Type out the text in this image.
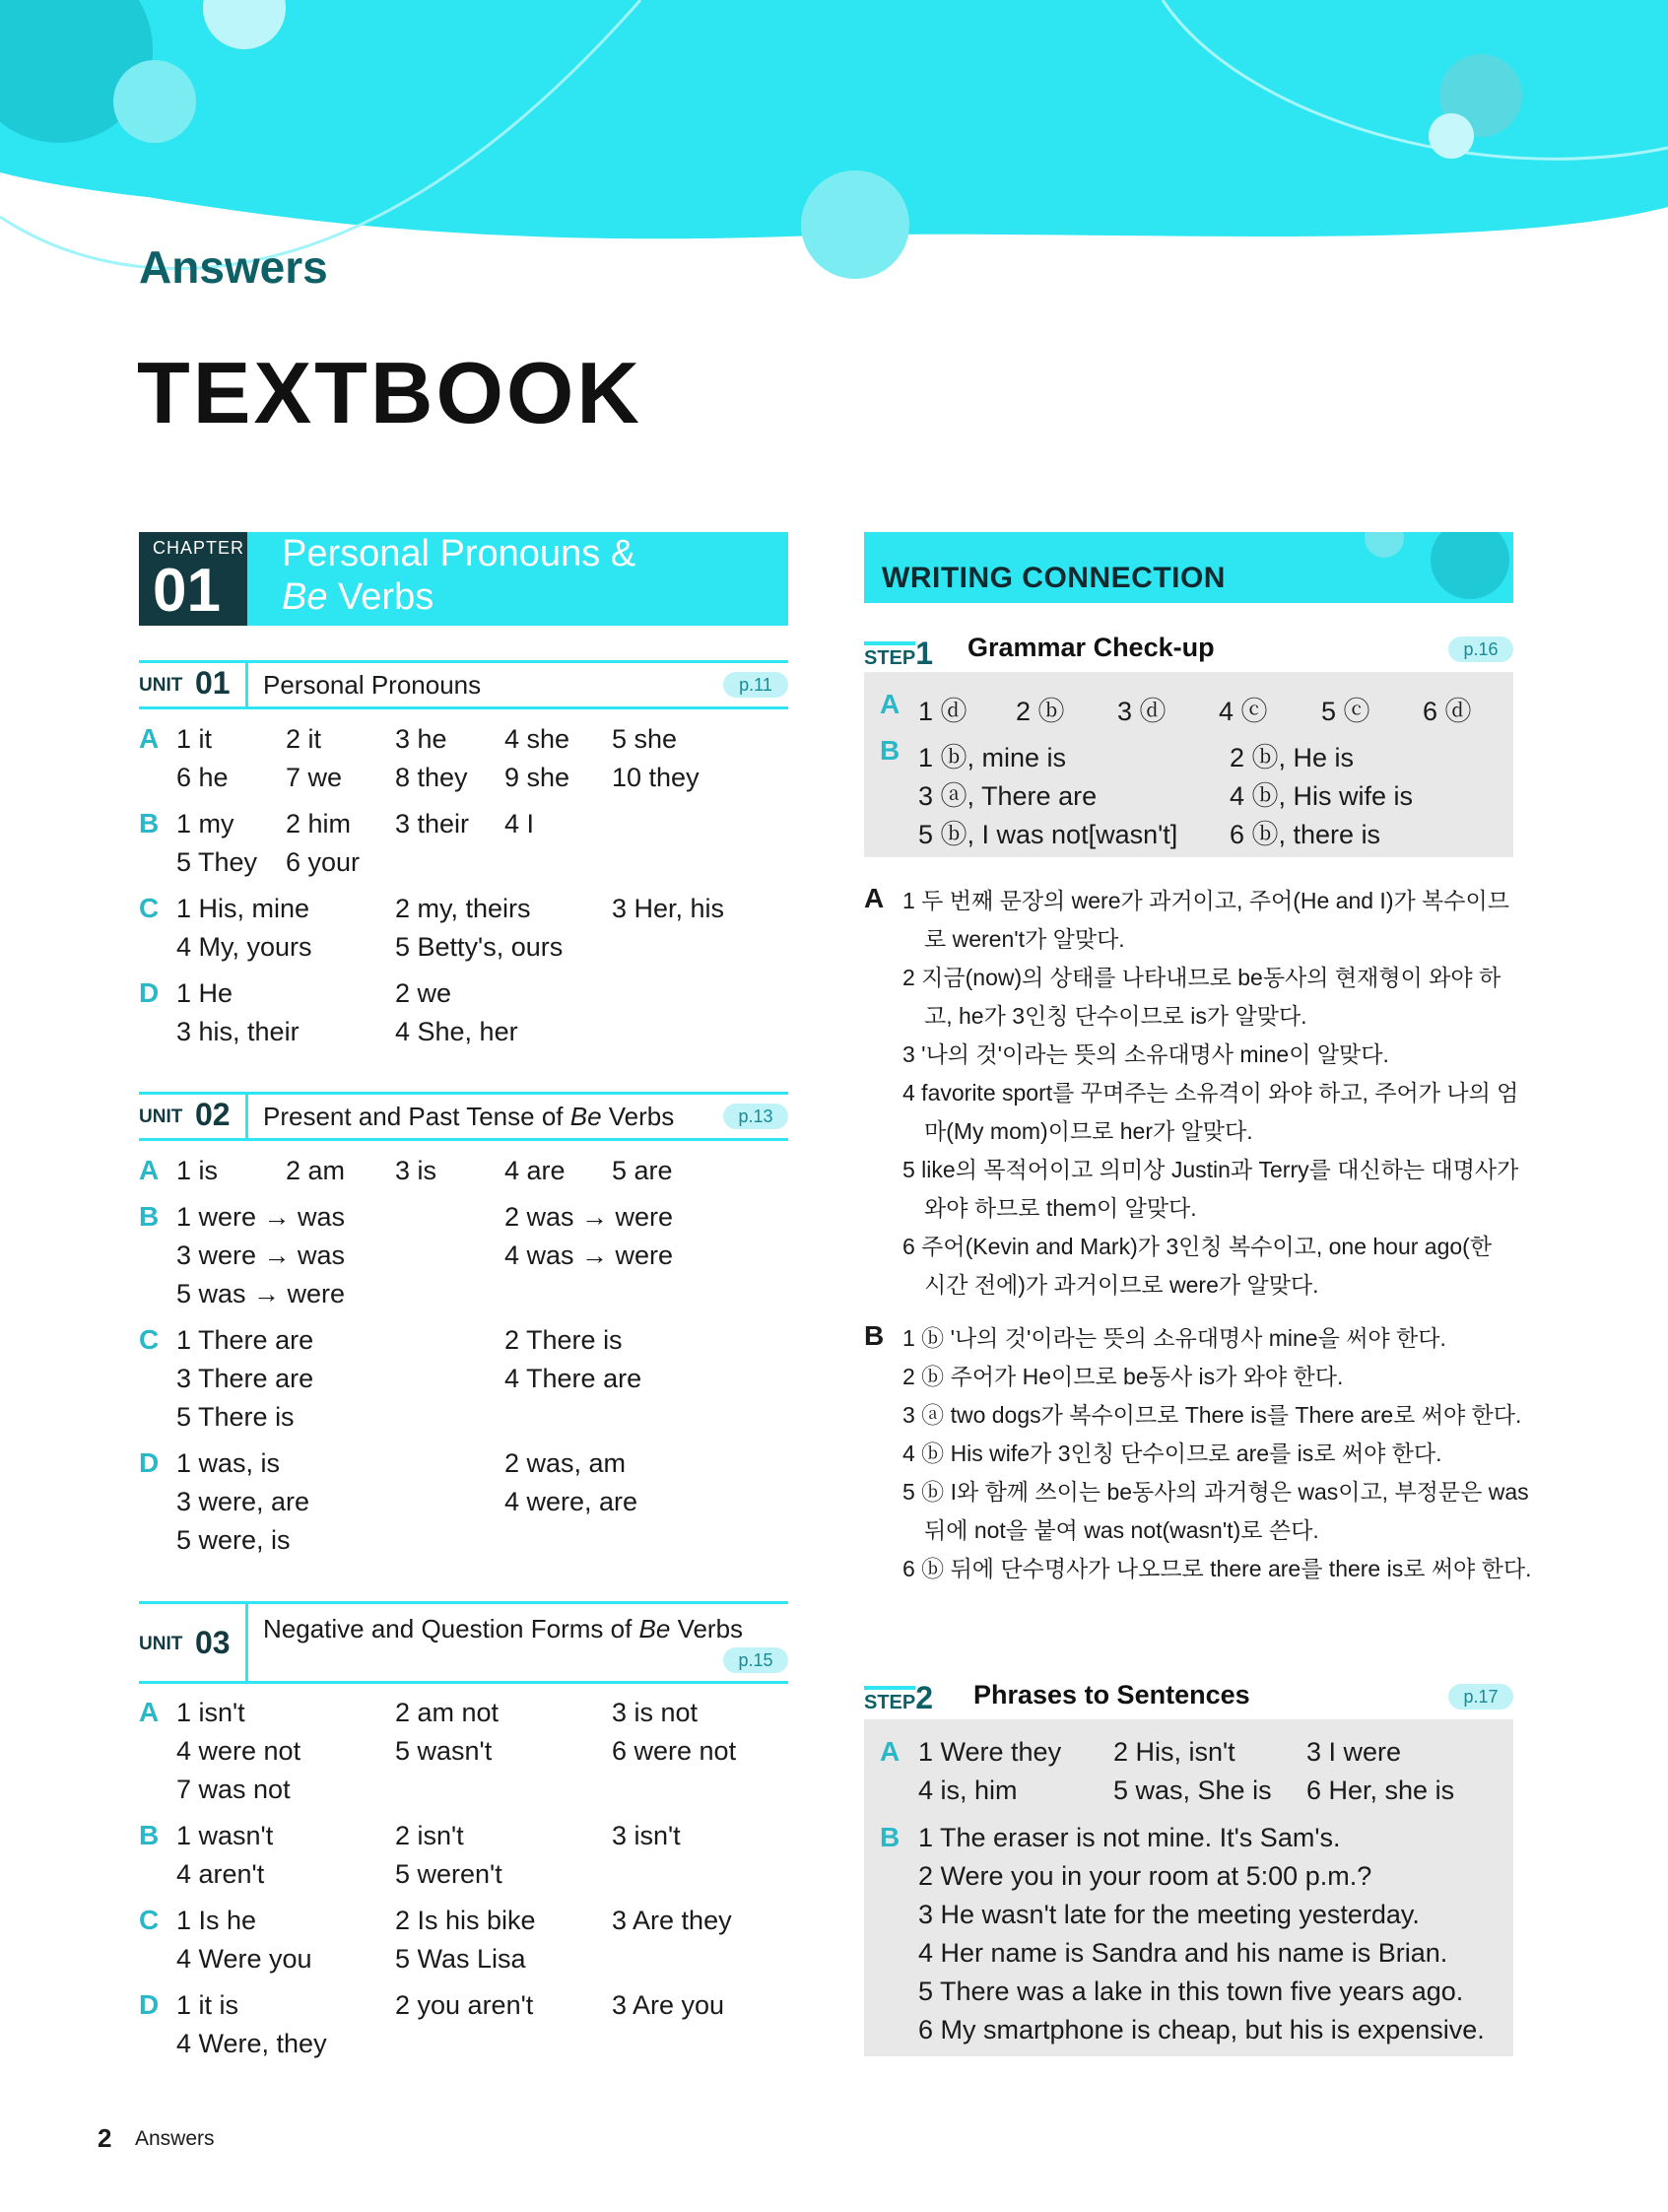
Answers
TEXTBOOK
CHAPTER
01
Personal Pronouns &
Be Verbs
UNIT 01 Personal Pronouns	p.11
A 1 it	2 it	3 he 4 she 5 she
6 he 7 we 8 they 9 she 10 they
B 1 my 2 him 3 their 4 I
5 They 6 your
C 1 His, mine	2 my, theirs	3 Her, his
4 My, yours	5 Betty's, ours
D 1 He	2 we
3 his, their	4 She, her
UNIT 02 Present and Past Tense of Be Verbs	p.13
A 1 is	2 am 3 is	4 are 5 are
B 1 were → was	2 was → were
3 were → was	4 was → were
5 was → were
C 1 There are	2 There is
3 There are	4 There are
5 There is
D 1 was, is	2 was, am
3 were, are	4 were, are
5 were, is
UNIT 03 Negative and Question Forms of Be Verbs
p.15
A 1 isn't	2 am not	3 is not
4 were not	5 wasn't	6 were not
7 was not
B 1 wasn't	2 isn't	3 isn't
4 aren't	5 weren't
C 1 Is he	2 Is his bike	3 Are they
4 Were you	5 Was Lisa
D 1 it is	2 you aren't	3 Are you
4 Were, they
WRITING CONNECTION
STEP1 Grammar Check-up	p.16
A 1 ⓓ 2 ⓑ 3 ⓓ 4 ⓒ 5 ⓒ 6 ⓓ
B 1 ⓑ, mine is	2 ⓑ, He is
3 ⓐ, There are	4 ⓑ, His wife is
5 ⓑ, I was not[wasn't] 6 ⓑ, there is
A 1 두 번째 문장의 were가 과거이고, 주어(He and I)가 복수이므
로 weren't가 알맞다.
2 지금(now)의 상태를 나타내므로 be동사의 현재형이 와야 하
고, he가 3인칭 단수이므로 is가 알맞다.
3 '나의 것'이라는 뜻의 소유대명사 mine이 알맞다.
4 favorite sport를 꾸며주는 소유격이 와야 하고, 주어가 나의 엄
마(My mom)이므로 her가 알맞다.
5 like의 목적어이고 의미상 Justin과 Terry를 대신하는 대명사가
와야 하므로 them이 알맞다.
6 주어(Kevin and Mark)가 3인칭 복수이고, one hour ago(한
시간 전에)가 과거이므로 were가 알맞다.
B 1 ⓑ '나의 것'이라는 뜻의 소유대명사 mine을 써야 한다.
2 ⓑ 주어가 He이므로 be동사 is가 와야 한다.
3 ⓐ two dogs가 복수이므로 There is를 There are로 써야 한다.
4 ⓑ His wife가 3인칭 단수이므로 are를 is로 써야 한다.
5 ⓑ I와 함께 쓰이는 be동사의 과거형은 was이고, 부정문은 was
뒤에 not을 붙여 was not(wasn't)로 쓴다.
6 ⓑ 뒤에 단수명사가 나오므로 there are를 there is로 써야 한다.
STEP2 Phrases to Sentences	p.17
A 1 Were they 2 His, isn't	3 I were
4 is, him	5 was, She is 6 Her, she is
B 1 The eraser is not mine. It's Sam's.
2 Were you in your room at 5:00 p.m.?
3 He wasn't late for the meeting yesterday.
4 Her name is Sandra and his name is Brian.
5 There was a lake in this town five years ago.
6 My smartphone is cheap, but his is expensive.
2 Answers
